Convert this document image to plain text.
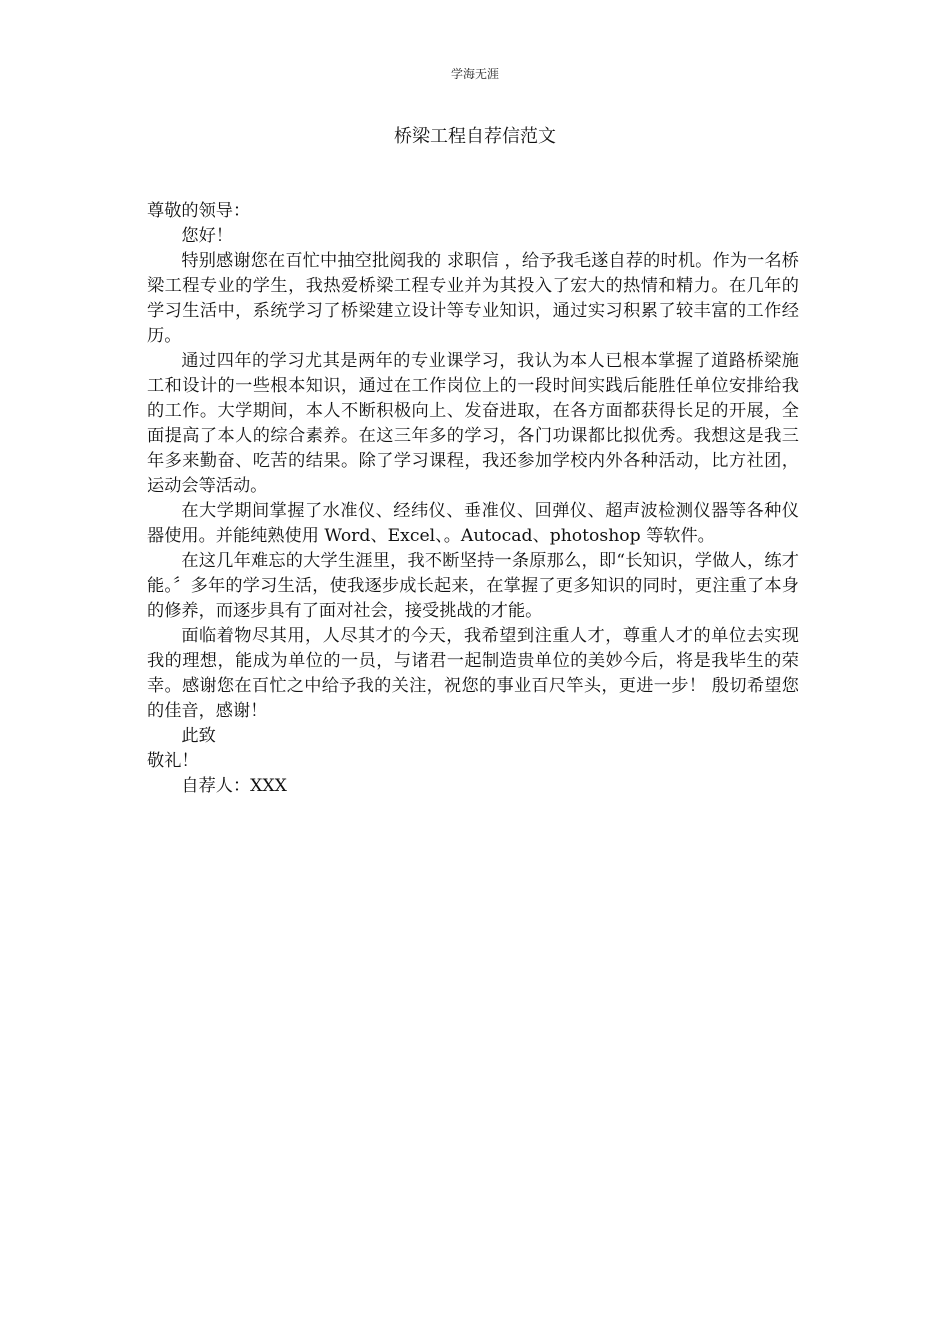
学海无涯
桥梁工程自荐信范文

尊敬的领导：

您好！

特别感谢您在百忙中抽空批阅我的 求职信 ，给予我毛遂自荐的时机。作为一名桥梁工程专业的学生，我热爱桥梁工程专业并为其投入了宏大的热情和精力。在几年的学习生活中，系统学习了桥梁建立设计等专业知识，通过实习积累了较丰富的工作经历。

通过四年的学习尤其是两年的专业课学习，我认为本人已根本掌握了道路桥梁施工和设计的一些根本知识，通过在工作岗位上的一段时间实践后能胜任单位安排给我的工作。大学期间，本人不断积极向上、发奋进取，在各方面都获得长足的开展，全面提高了本人的综合素养。在这三年多的学习，各门功课都比拟优秀。我想这是我三年多来勤奋、吃苦的结果。除了学习课程，我还参加学校内外各种活动，比方社团，运动会等活动。

在大学期间掌握了水准仪、经纬仪、垂准仪、回弹仪、超声波检测仪器等各种仪器使用。并能纯熟使用 Word、Excel、。Autocad、photoshop 等软件。

在这几年难忘的大学生涯里，我不断坚持一条原那么，即“长知识，学做人，练才能。〞多年的学习生活，使我逐步成长起来，在掌握了更多知识的同时，更注重了本身的修养，而逐步具有了面对社会，接受挑战的才能。

面临着物尽其用，人尽其才的今天，我希望到注重人才，尊重人才的单位去实现我的理想，能成为单位的一员，与诸君一起制造贵单位的美妙今后，将是我毕生的荣幸。感谢您在百忙之中给予我的关注，祝您的事业百尺竿头，更进一步！ 殷切希望您的佳音，感谢！

此致

敬礼！

自荐人：XXX
